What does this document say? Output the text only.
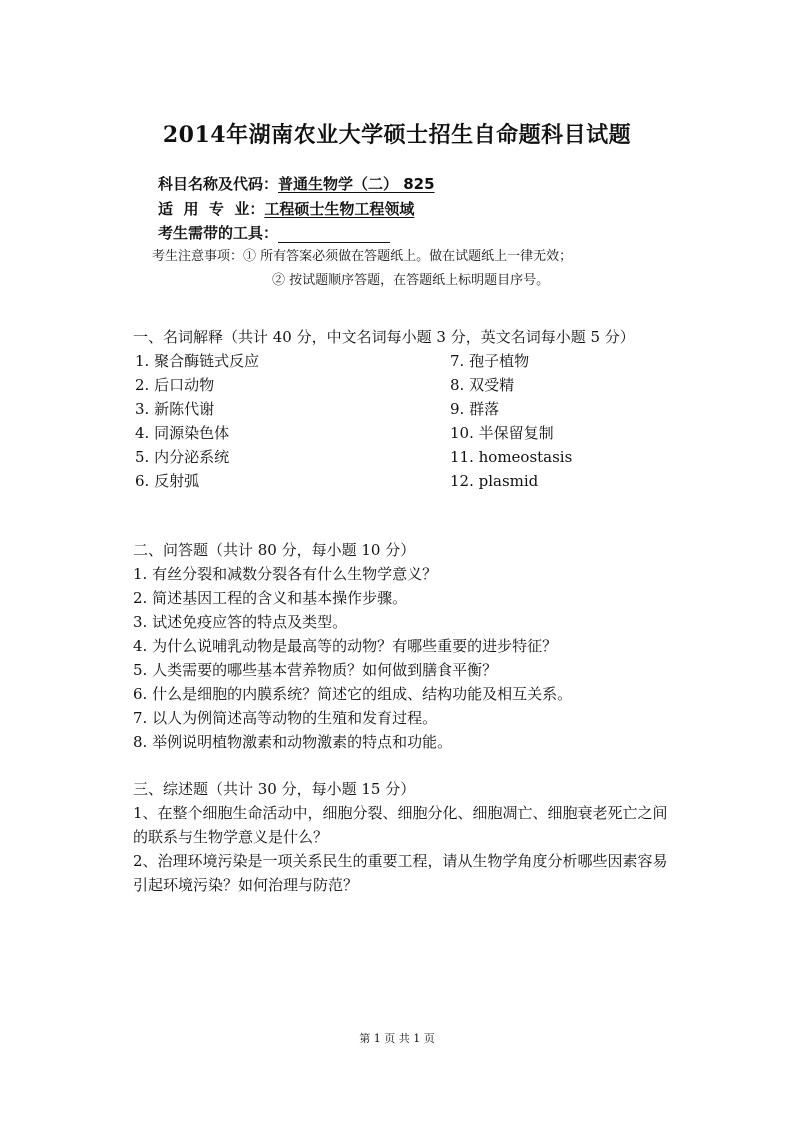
2014年湖南农业大学硕士招生自命题科目试题
科目名称及代码：普通生物学（二） 825
适  用  专  业：工程硕士生物工程领域
考生需带的工具：
考生注意事项：① 所有答案必须做在答题纸上。做在试题纸上一律无效；
② 按试题顺序答题，在答题纸上标明题目序号。
一、名词解释（共计 40 分，中文名词每小题 3 分，英文名词每小题 5 分）
1. 聚合酶链式反应	7. 孢子植物
2. 后口动物	8. 双受精
3. 新陈代谢	9. 群落
4. 同源染色体	10. 半保留复制
5. 内分泌系统	11. homeostasis
6. 反射弧	12. plasmid
二、问答题（共计 80 分，每小题 10 分）
1. 有丝分裂和减数分裂各有什么生物学意义？
2. 简述基因工程的含义和基本操作步骤。
3. 试述免疫应答的特点及类型。
4. 为什么说哺乳动物是最高等的动物？有哪些重要的进步特征？
5. 人类需要的哪些基本营养物质？如何做到膳食平衡？
6. 什么是细胞的内膜系统？简述它的组成、结构功能及相互关系。
7. 以人为例简述高等动物的生殖和发育过程。
8. 举例说明植物激素和动物激素的特点和功能。
三、综述题（共计 30 分，每小题 15 分）
1、在整个细胞生命活动中，细胞分裂、细胞分化、细胞凋亡、细胞衰老死亡之间的联系与生物学意义是什么？
2、治理环境污染是一项关系民生的重要工程，请从生物学角度分析哪些因素容易引起环境污染？如何治理与防范？
第 1 页 共 1 页
